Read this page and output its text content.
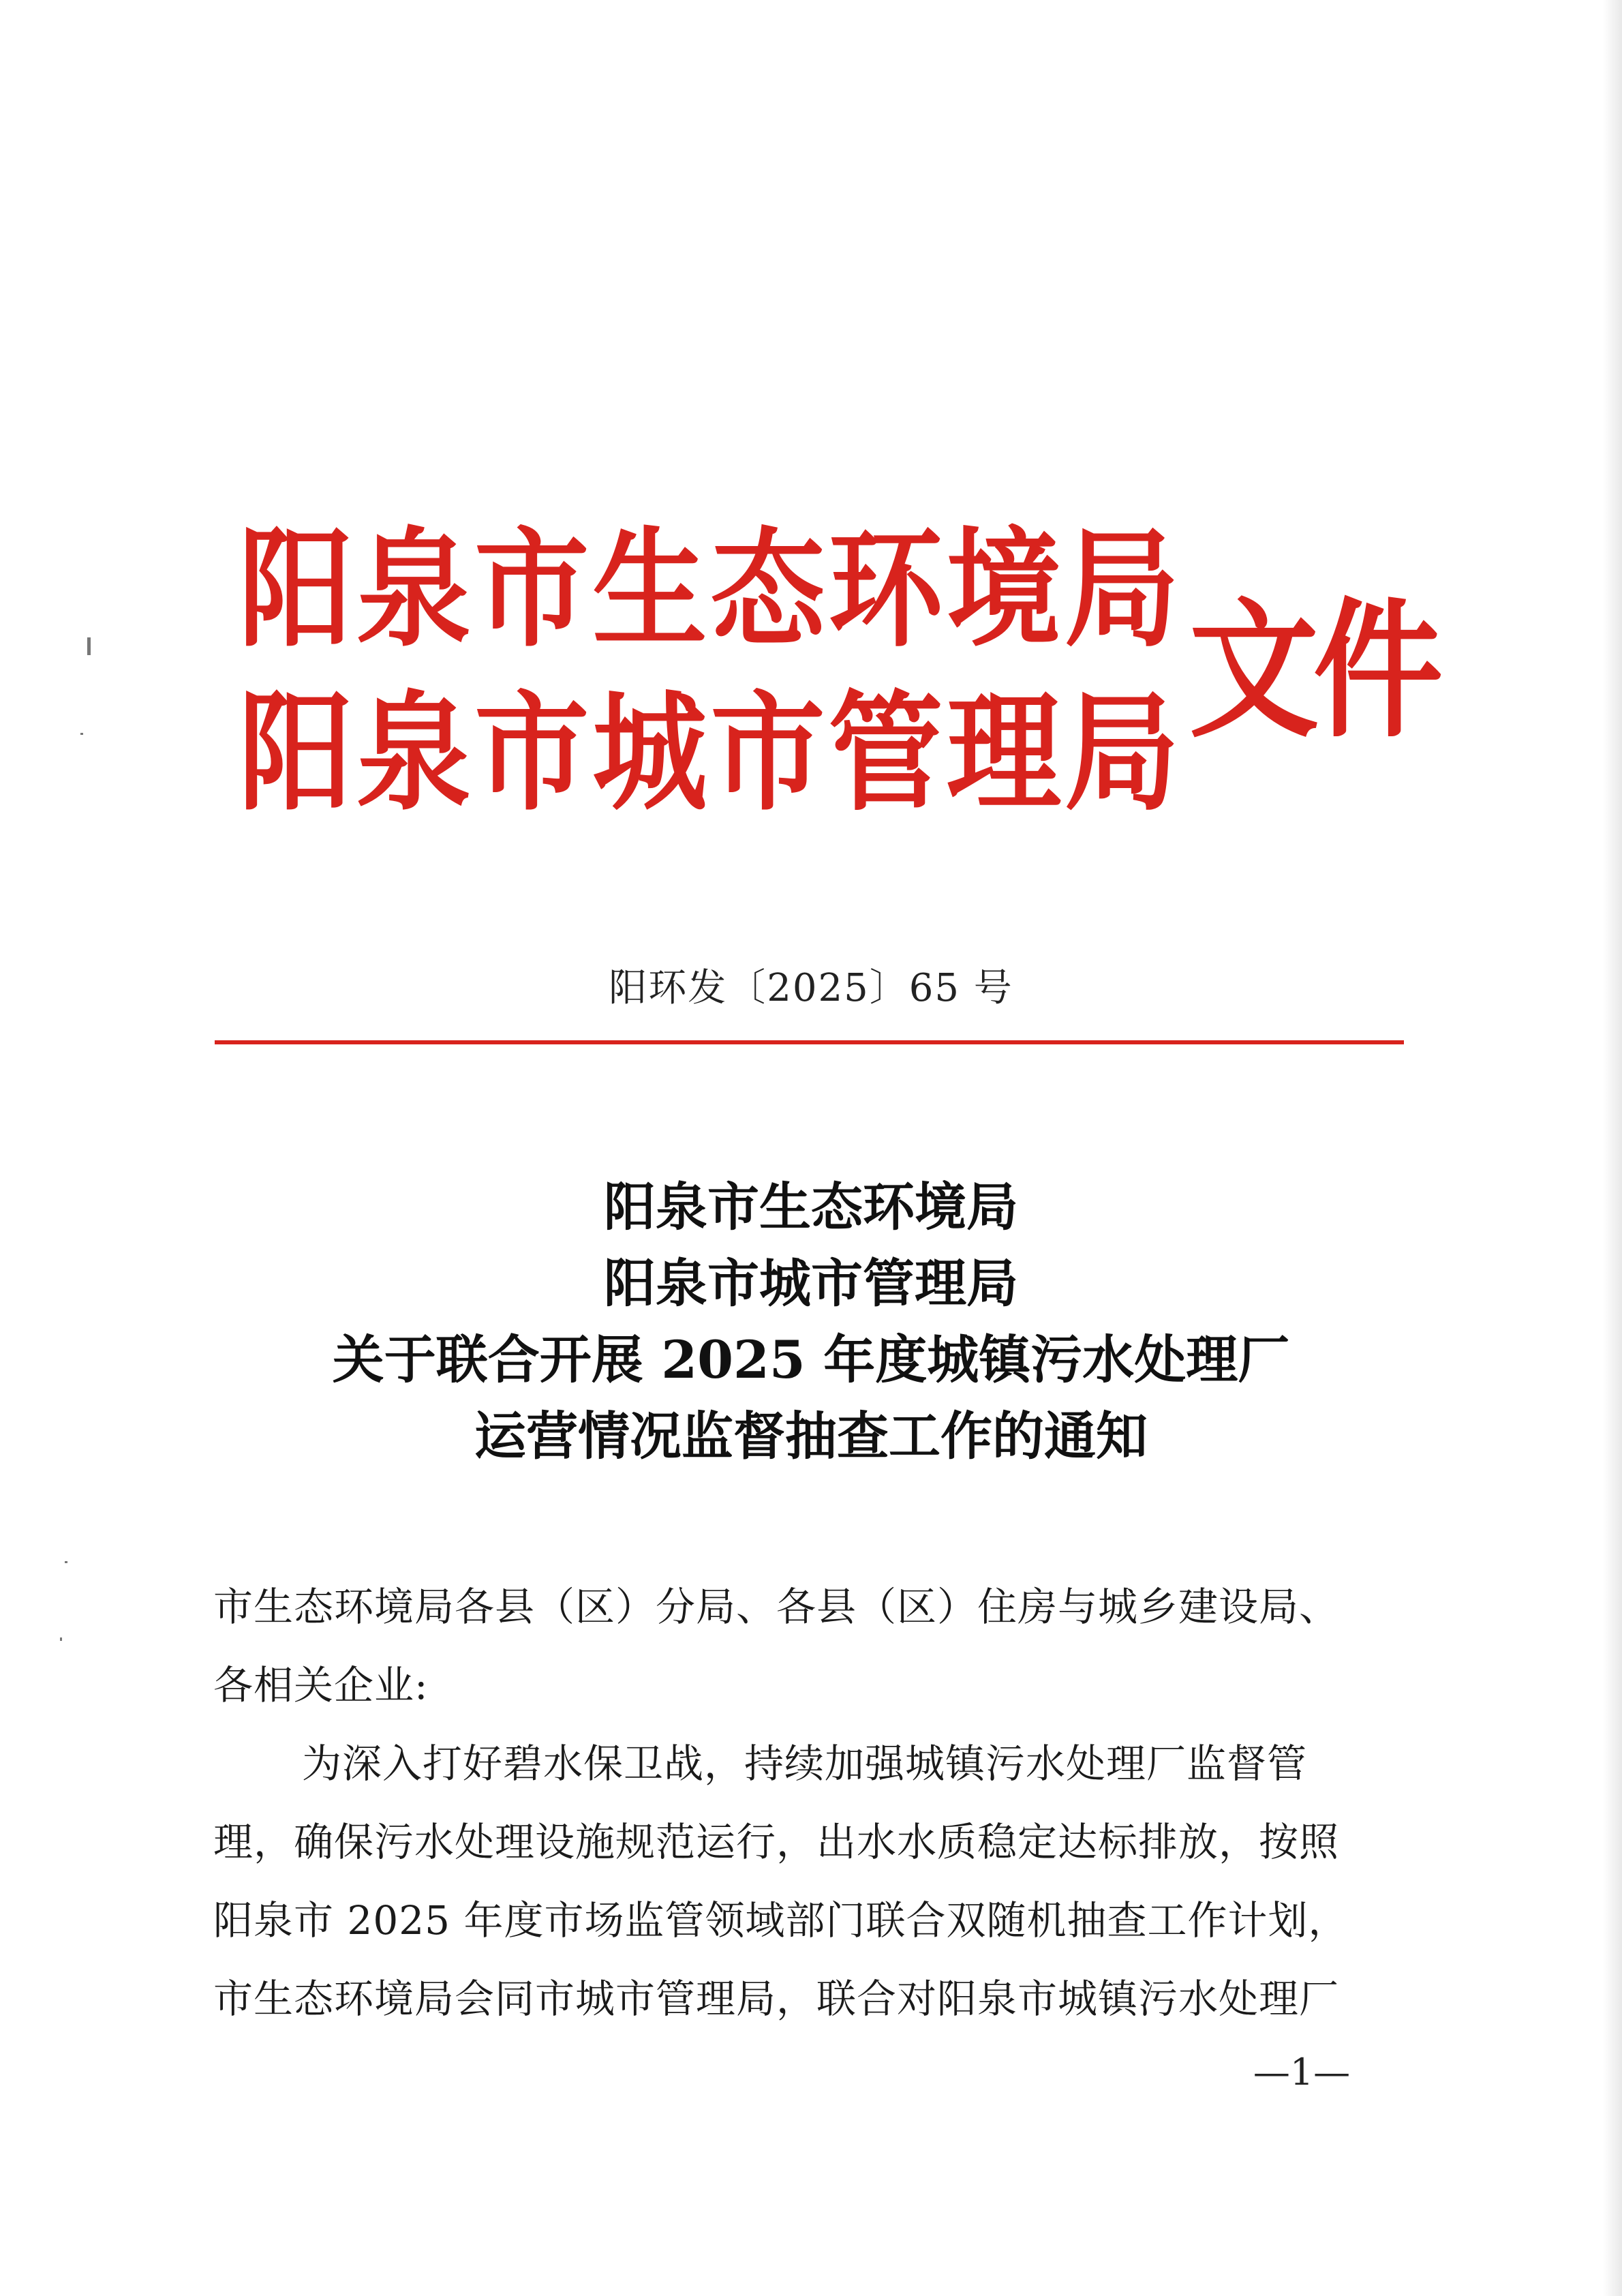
阳 泉 市 生 态 环 境 局
阳 泉 市 城 市 管 理 局 文件
阳环发〔2025〕65 号
阳泉市生态环境局
阳泉市城市管理局
关于联合开展 2025 年度城镇污水处理厂
运营情况监督抽查工作的通知
市生态环境局各县（区）分局、各县（区）住房与城乡建设局、
各相关企业:
为深入打好碧水保卫战，持续加强城镇污水处理厂监督管
理，确保污水处理设施规范运行，出水水质稳定达标排放，按照
阳泉市 2025 年度市场监管领域部门联合双随机抽查工作计划，
市生态环境局会同市城市管理局，联合对阳泉市城镇污水处理厂
—1—
